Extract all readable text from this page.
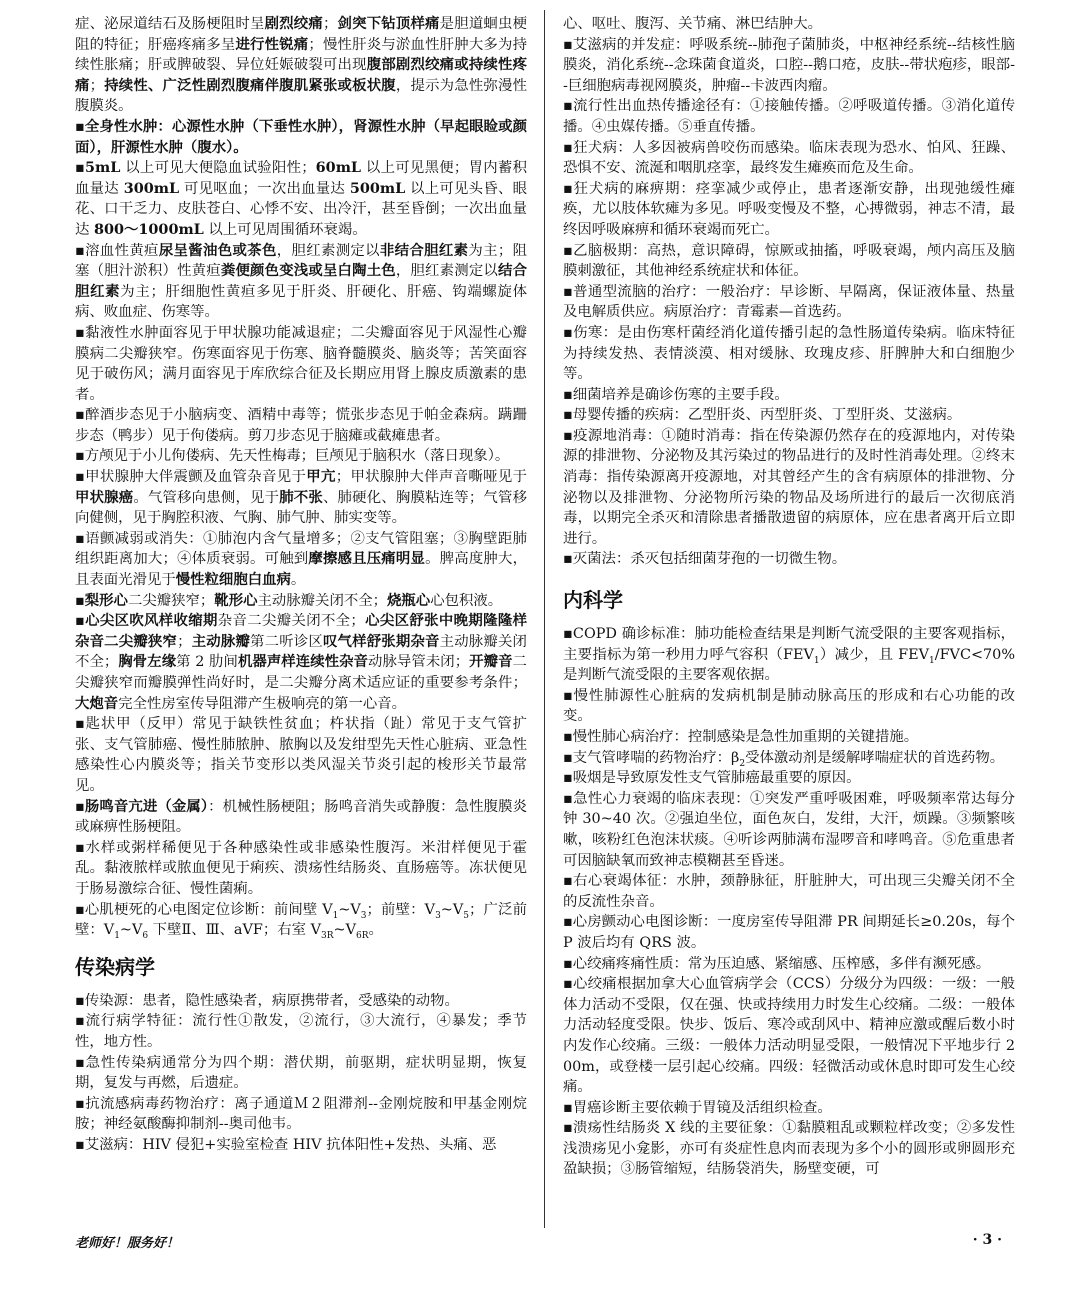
症、泌尿道结石及肠梗阻时呈剧烈绞痛；剑突下钻顶样痛是胆道蛔虫梗阻的特征；肝癌疼痛多呈进行性锐痛；慢性肝炎与淤血性肝肿大多为持续性胀痛；肝或脾破裂、异位妊娠破裂可出现腹部剧烈绞痛或持续性疼痛；持续性、广泛性剧烈腹痛伴腹肌紧张或板状腹，提示为急性弥漫性腹膜炎。

▪全身性水肿：心源性水肿（下垂性水肿），肾源性水肿（早起眼睑或颜面），肝源性水肿（腹水）。

▪5mL 以上可见大便隐血试验阳性；60mL 以上可见黑便；胃内蓄积血量达 300mL 可见呕血；一次出血量达 500mL 以上可见头昏、眼花、口干乏力、皮肤苍白、心悸不安、出冷汗，甚至昏倒；一次出血量达 800～1000mL 以上可见周围循环衰竭。

▪溶血性黄疸尿呈酱油色或茶色，胆红素测定以非结合胆红素为主；阻塞（胆汁淤积）性黄疸粪便颜色变浅或呈白陶土色，胆红素测定以结合胆红素为主；肝细胞性黄疸多见于肝炎、肝硬化、肝癌、钩端螺旋体病、败血症、伤寒等。

▪黏液性水肿面容见于甲状腺功能减退症；二尖瓣面容见于风湿性心瓣膜病二尖瓣狭窄。伤寒面容见于伤寒、脑脊髓膜炎、脑炎等；苦笑面容见于破伤风；满月面容见于库欣综合征及长期应用肾上腺皮质激素的患者。

▪醉酒步态见于小脑病变、酒精中毒等；慌张步态见于帕金森病。蹒跚步态（鸭步）见于佝偻病。剪刀步态见于脑瘫或截瘫患者。

▪方颅见于小儿佝偻病、先天性梅毒；巨颅见于脑积水（落日现象）。

▪甲状腺肿大伴震颤及血管杂音见于甲亢；甲状腺肿大伴声音嘶哑见于甲状腺癌。气管移向患侧，见于肺不张、肺硬化、胸膜粘连等；气管移向健侧，见于胸腔积液、气胸、肺气肿、肺实变等。

▪语颤减弱或消失：①肺泡内含气量增多；②支气管阻塞；③胸壁距肺组织距离加大；④体质衰弱。可触到摩擦感且压痛明显。脾高度肿大，且表面光滑见于慢性粒细胞白血病。

▪梨形心二尖瓣狭窄；靴形心主动脉瓣关闭不全；烧瓶心心包积液。

▪心尖区吹风样收缩期杂音二尖瓣关闭不全；心尖区舒张中晚期隆隆样杂音二尖瓣狭窄；主动脉瓣第二听诊区叹气样舒张期杂音主动脉瓣关闭不全；胸骨左缘第 2 肋间机器声样连续性杂音动脉导管未闭；开瓣音二尖瓣狭窄而瓣膜弹性尚好时，是二尖瓣分离术适应证的重要参考条件；大炮音完全性房室传导阻滞产生极响亮的第一心音。

▪匙状甲（反甲）常见于缺铁性贫血；杵状指（趾）常见于支气管扩张、支气管肺癌、慢性肺脓肿、脓胸以及发绀型先天性心脏病、亚急性感染性心内膜炎等；指关节变形以类风湿关节炎引起的梭形关节最常见。

▪肠鸣音亢进（金属）：机械性肠梗阻；肠鸣音消失或静腹：急性腹膜炎或麻痹性肠梗阻。

▪水样或粥样稀便见于各种感染性或非感染性腹泻。米泔样便见于霍乱。黏液脓样或脓血便见于痢疾、溃疡性结肠炎、直肠癌等。冻状便见于肠易激综合征、慢性菌痢。

▪心肌梗死的心电图定位诊断：前间壁 $V_1\sim V_3$；前壁：$V_3\sim V_5$；广泛前壁：$V_1\sim V_6$ 下壁Ⅱ、Ⅲ、aVF；右室 $V_{3R}\sim V_{6R}$。

传染病学

▪传染源：患者，隐性感染者，病原携带者，受感染的动物。

▪流行病学特征：流行性①散发，②流行，③大流行，④暴发；季节性，地方性。

▪急性传染病通常分为四个期：潜伏期，前驱期，症状明显期，恢复期，复发与再燃，后遗症。

▪抗流感病毒药物治疗：离子通道Ｍ２阻滞剂--金刚烷胺和甲基金刚烷胺；神经氨酸酶抑制剂--奥司他韦。

▪艾滋病：HIV 侵犯+实验室检查 HIV 抗体阳性+发热、头痛、恶

心、呕吐、腹泻、关节痛、淋巴结肿大。

▪艾滋病的并发症：呼吸系统--肺孢子菌肺炎，中枢神经系统--结核性脑膜炎，消化系统--念珠菌食道炎，口腔--鹅口疮，皮肤--带状疱疹，眼部--巨细胞病毒视网膜炎，肿瘤--卡波西肉瘤。

▪流行性出血热传播途径有：①接触传播。②呼吸道传播。③消化道传播。④虫媒传播。⑤垂直传播。

▪狂犬病：人多因被病兽咬伤而感染。临床表现为恐水、怕风、狂躁、恐惧不安、流涎和咽肌痉挛，最终发生瘫痪而危及生命。

▪狂犬病的麻痹期：痉挛减少或停止，患者逐渐安静，出现弛缓性瘫痪，尤以肢体软瘫为多见。呼吸变慢及不整，心搏微弱，神志不清，最终因呼吸麻痹和循环衰竭而死亡。

▪乙脑极期：高热，意识障碍，惊厥或抽搐，呼吸衰竭，颅内高压及脑膜刺激征，其他神经系统症状和体征。

▪普通型流脑的治疗：一般治疗：早诊断、早隔离，保证液体量、热量及电解质供应。病原治疗：青霉素—首选药。

▪伤寒：是由伤寒杆菌经消化道传播引起的急性肠道传染病。临床特征为持续发热、表情淡漠、相对缓脉、玫瑰皮疹、肝脾肿大和白细胞少等。

▪细菌培养是确诊伤寒的主要手段。

▪母婴传播的疾病：乙型肝炎、丙型肝炎、丁型肝炎、艾滋病。

▪疫源地消毒：①随时消毒：指在传染源仍然存在的疫源地内，对传染源的排泄物、分泌物及其污染过的物品进行的及时性消毒处理。②终末消毒：指传染源离开疫源地，对其曾经产生的含有病原体的排泄物、分泌物以及排泄物、分泌物所污染的物品及场所进行的最后一次彻底消毒，以期完全杀灭和清除患者播散遗留的病原体，应在患者离开后立即进行。

▪灭菌法：杀灭包括细菌芽孢的一切微生物。

内科学

▪COPD 确诊标准：肺功能检查结果是判断气流受限的主要客观指标，主要指标为第一秒用力呼气容积$(FEV_1)$减少，且 $FEV_1/FVC<70\%$是判断气流受限的主要客观依据。

▪慢性肺源性心脏病的发病机制是肺动脉高压的形成和右心功能的改变。

▪慢性肺心病治疗：控制感染是急性加重期的关键措施。

▪支气管哮喘的药物治疗：$\beta_2$受体激动剂是缓解哮喘症状的首选药物。

▪吸烟是导致原发性支气管肺癌最重要的原因。

▪急性心力衰竭的临床表现：①突发严重呼吸困难，呼吸频率常达每分钟 30~40 次。②强迫坐位，面色灰白，发绀，大汗，烦躁。③频繁咳嗽，咳粉红色泡沫状痰。④听诊两肺满布湿啰音和哮鸣音。⑤危重患者可因脑缺氧而致神志模糊甚至昏迷。

▪右心衰竭体征：水肿，颈静脉征，肝脏肿大，可出现三尖瓣关闭不全的反流性杂音。

▪心房颤动心电图诊断：一度房室传导阻滞 PR 间期延长≥0.20s，每个 P 波后均有 QRS 波。

▪心绞痛疼痛性质：常为压迫感、紧缩感、压榨感，多伴有濒死感。

▪心绞痛根据加拿大心血管病学会（CCS）分级分为四级：一级：一般体力活动不受限，仅在强、快或持续用力时发生心绞痛。二级：一般体力活动轻度受限。快步、饭后、寒冷或刮风中、精神应激或醒后数小时内发作心绞痛。三级：一般体力活动明显受限，一般情况下平地步行 200m，或登楼一层引起心绞痛。四级：轻微活动或休息时即可发生心绞痛。

▪胃癌诊断主要依赖于胃镜及活组织检查。

▪溃疡性结肠炎 X 线的主要征象：①黏膜粗乱或颗粒样改变；②多发性浅溃疡见小龛影，亦可有炎症性息肉而表现为多个小的圆形或卵圆形充盈缺损；③肠管缩短，结肠袋消失，肠壁变硬，可

老师好！服务好！	· 3 ·
